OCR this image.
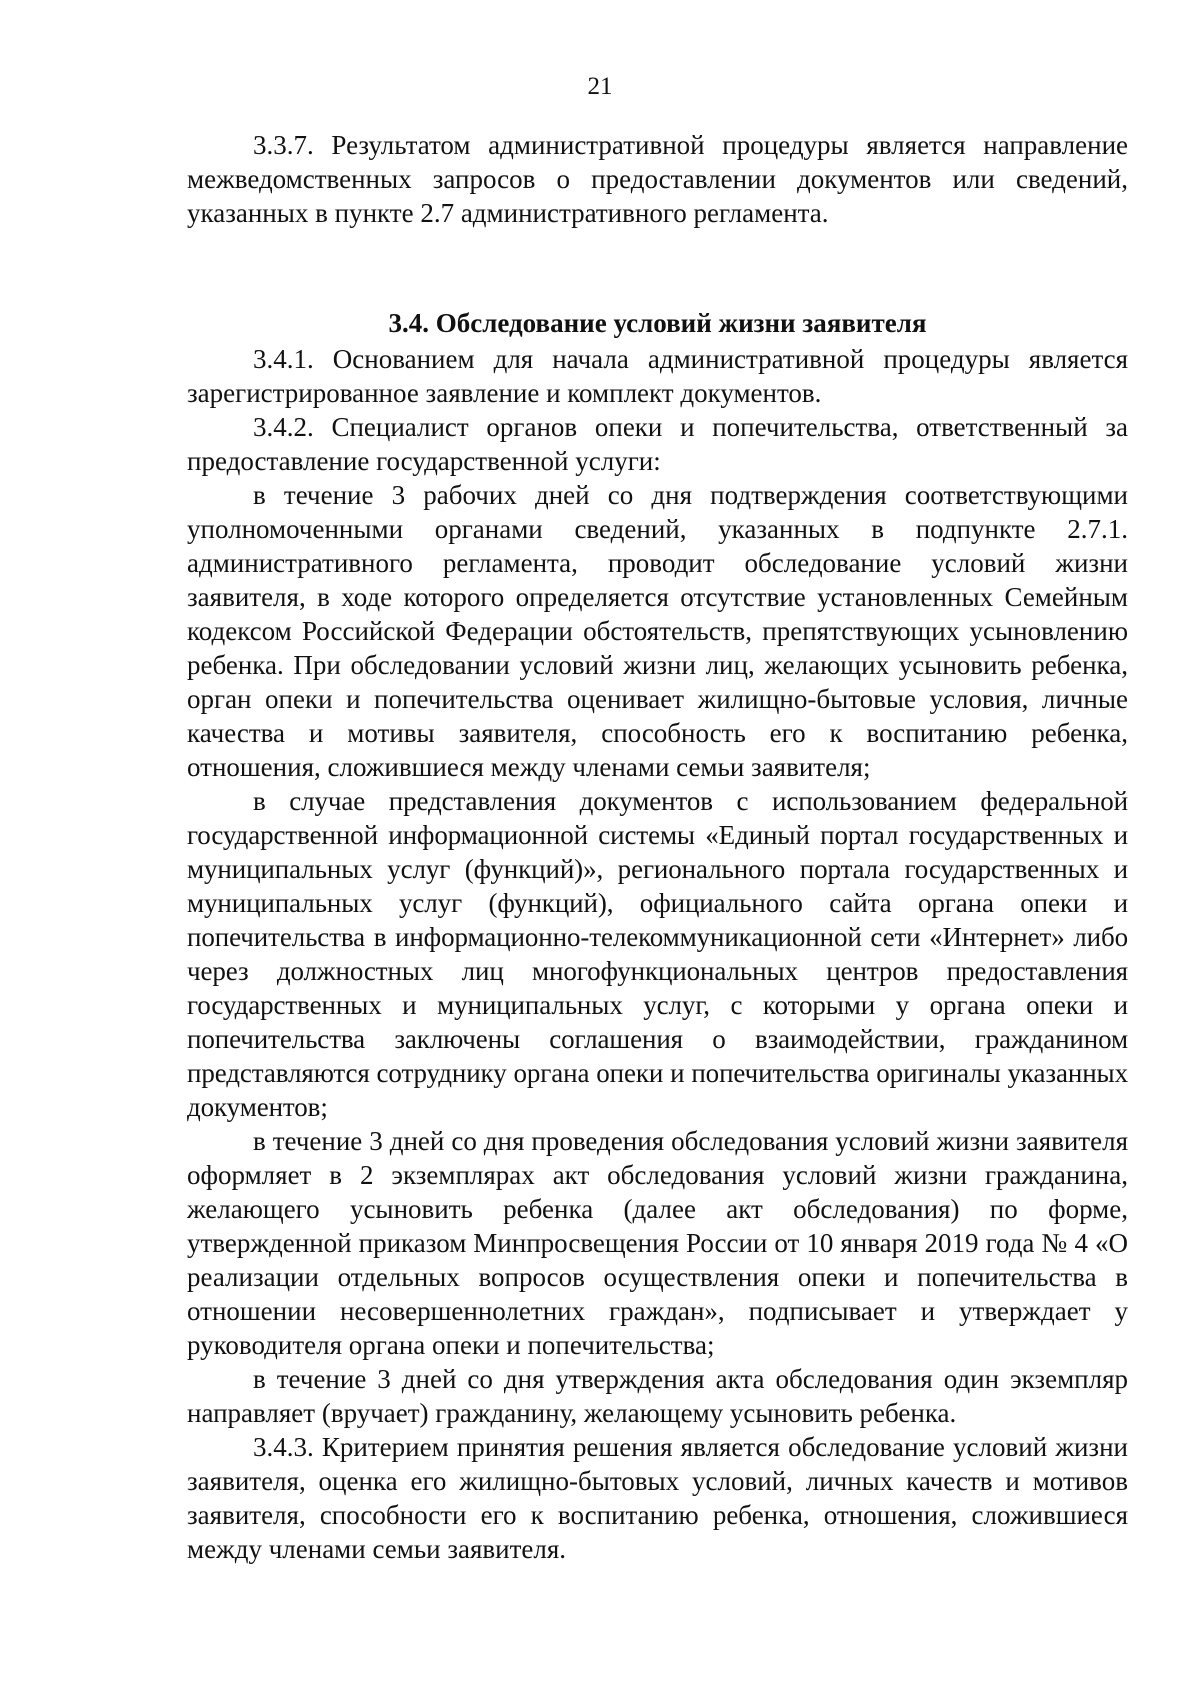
21

3.3.7. Результатом административной процедуры является направление межведомственных запросов о предоставлении документов или сведений, указанных в пункте 2.7 административного регламента.

3.4. Обследование условий жизни заявителя

3.4.1. Основанием для начала административной процедуры является зарегистрированное заявление и комплект документов.

3.4.2. Специалист органов опеки и попечительства, ответственный за предоставление государственной услуги:

в течение 3 рабочих дней со дня подтверждения соответствующими уполномоченными органами сведений, указанных в подпункте 2.7.1. административного регламента, проводит обследование условий жизни заявителя, в ходе которого определяется отсутствие установленных Семейным кодексом Российской Федерации обстоятельств, препятствующих усыновлению ребенка. При обследовании условий жизни лиц, желающих усыновить ребенка, орган опеки и попечительства оценивает жилищно-бытовые условия, личные качества и мотивы заявителя, способность его к воспитанию ребенка, отношения, сложившиеся между членами семьи заявителя;

в случае представления документов с использованием федеральной государственной информационной системы «Единый портал государственных и муниципальных услуг (функций)», регионального портала государственных и муниципальных услуг (функций), официального сайта органа опеки и попечительства в информационно-телекоммуникационной сети «Интернет» либо через должностных лиц многофункциональных центров предоставления государственных и муниципальных услуг, с которыми у органа опеки и попечительства заключены соглашения о взаимодействии, гражданином представляются сотруднику органа опеки и попечительства оригиналы указанных документов;

в течение 3 дней со дня проведения обследования условий жизни заявителя оформляет в 2 экземплярах акт обследования условий жизни гражданина, желающего усыновить ребенка (далее акт обследования) по форме, утвержденной приказом Минпросвещения России от 10 января 2019 года № 4 «О реализации отдельных вопросов осуществления опеки и попечительства в отношении несовершеннолетних граждан», подписывает и утверждает у руководителя органа опеки и попечительства;

в течение 3 дней со дня утверждения акта обследования один экземпляр направляет (вручает) гражданину, желающему усыновить ребенка.

3.4.3. Критерием принятия решения является обследование условий жизни заявителя, оценка его жилищно-бытовых условий, личных качеств и мотивов заявителя, способности его к воспитанию ребенка, отношения, сложившиеся между членами семьи заявителя.
